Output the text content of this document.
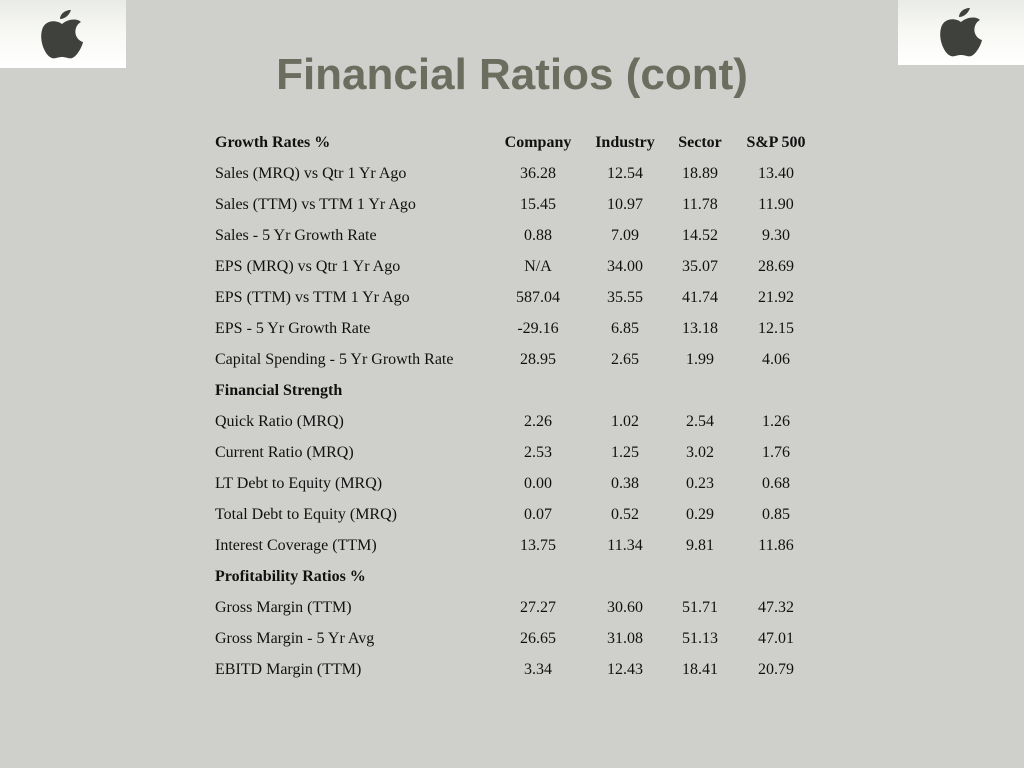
Financial Ratios (cont)
Growth Rates %	Company	Industry	Sector	S&P 500
Sales (MRQ) vs Qtr 1 Yr Ago	36.28	12.54	18.89	13.40
Sales (TTM) vs TTM 1 Yr Ago	15.45	10.97	11.78	11.90
Sales - 5 Yr Growth Rate	0.88	7.09	14.52	9.30
EPS (MRQ) vs Qtr 1 Yr Ago	N/A	34.00	35.07	28.69
EPS (TTM) vs TTM 1 Yr Ago	587.04	35.55	41.74	21.92
EPS - 5 Yr Growth Rate	-29.16	6.85	13.18	12.15
Capital Spending - 5 Yr Growth Rate	28.95	2.65	1.99	4.06
Financial Strength				
Quick Ratio (MRQ)	2.26	1.02	2.54	1.26
Current Ratio (MRQ)	2.53	1.25	3.02	1.76
LT Debt to Equity (MRQ)	0.00	0.38	0.23	0.68
Total Debt to Equity (MRQ)	0.07	0.52	0.29	0.85
Interest Coverage (TTM)	13.75	11.34	9.81	11.86
Profitability Ratios %				
Gross Margin (TTM)	27.27	30.60	51.71	47.32
Gross Margin - 5 Yr Avg	26.65	31.08	51.13	47.01
EBITD Margin (TTM)	3.34	12.43	18.41	20.79
